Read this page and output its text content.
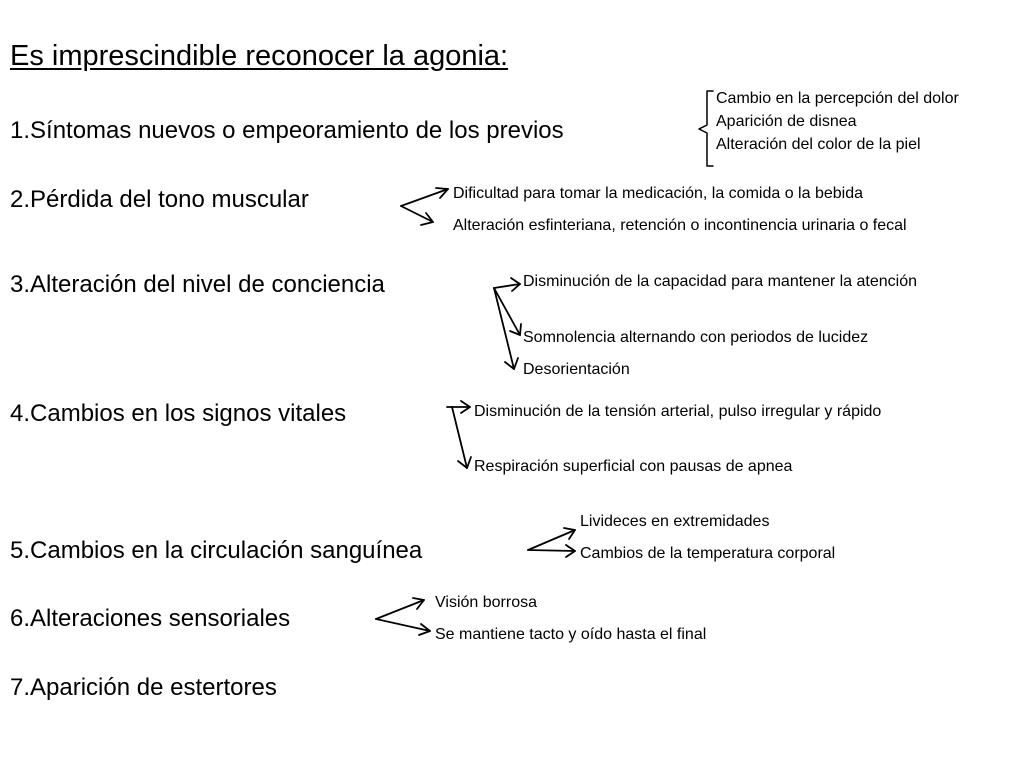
Es imprescindible reconocer la agonia:
1.Síntomas nuevos o empeoramiento de los previos
Cambio en la percepción del dolor
Aparición de disnea
Alteración del color de la piel
2.Pérdida del tono muscular	Dificultad para tomar la medicación, la comida o la bebida
Alteración esfinteriana, retención o incontinencia urinaria o fecal
3.Alteración del nivel de conciencia	Disminución de la capacidad para mantener la atención
Somnolencia alternando con periodos de lucidez
Desorientación
4.Cambios en los signos vitales	Disminución de la tensión arterial, pulso irregular y rápido
Respiración superficial con pausas de apnea
5.Cambios en la circulación sanguínea
Livideces en extremidades
Cambios de la temperatura corporal
6.Alteraciones sensoriales
Visión borrosa
Se mantiene tacto y oído hasta el final
7.Aparición de estertores
